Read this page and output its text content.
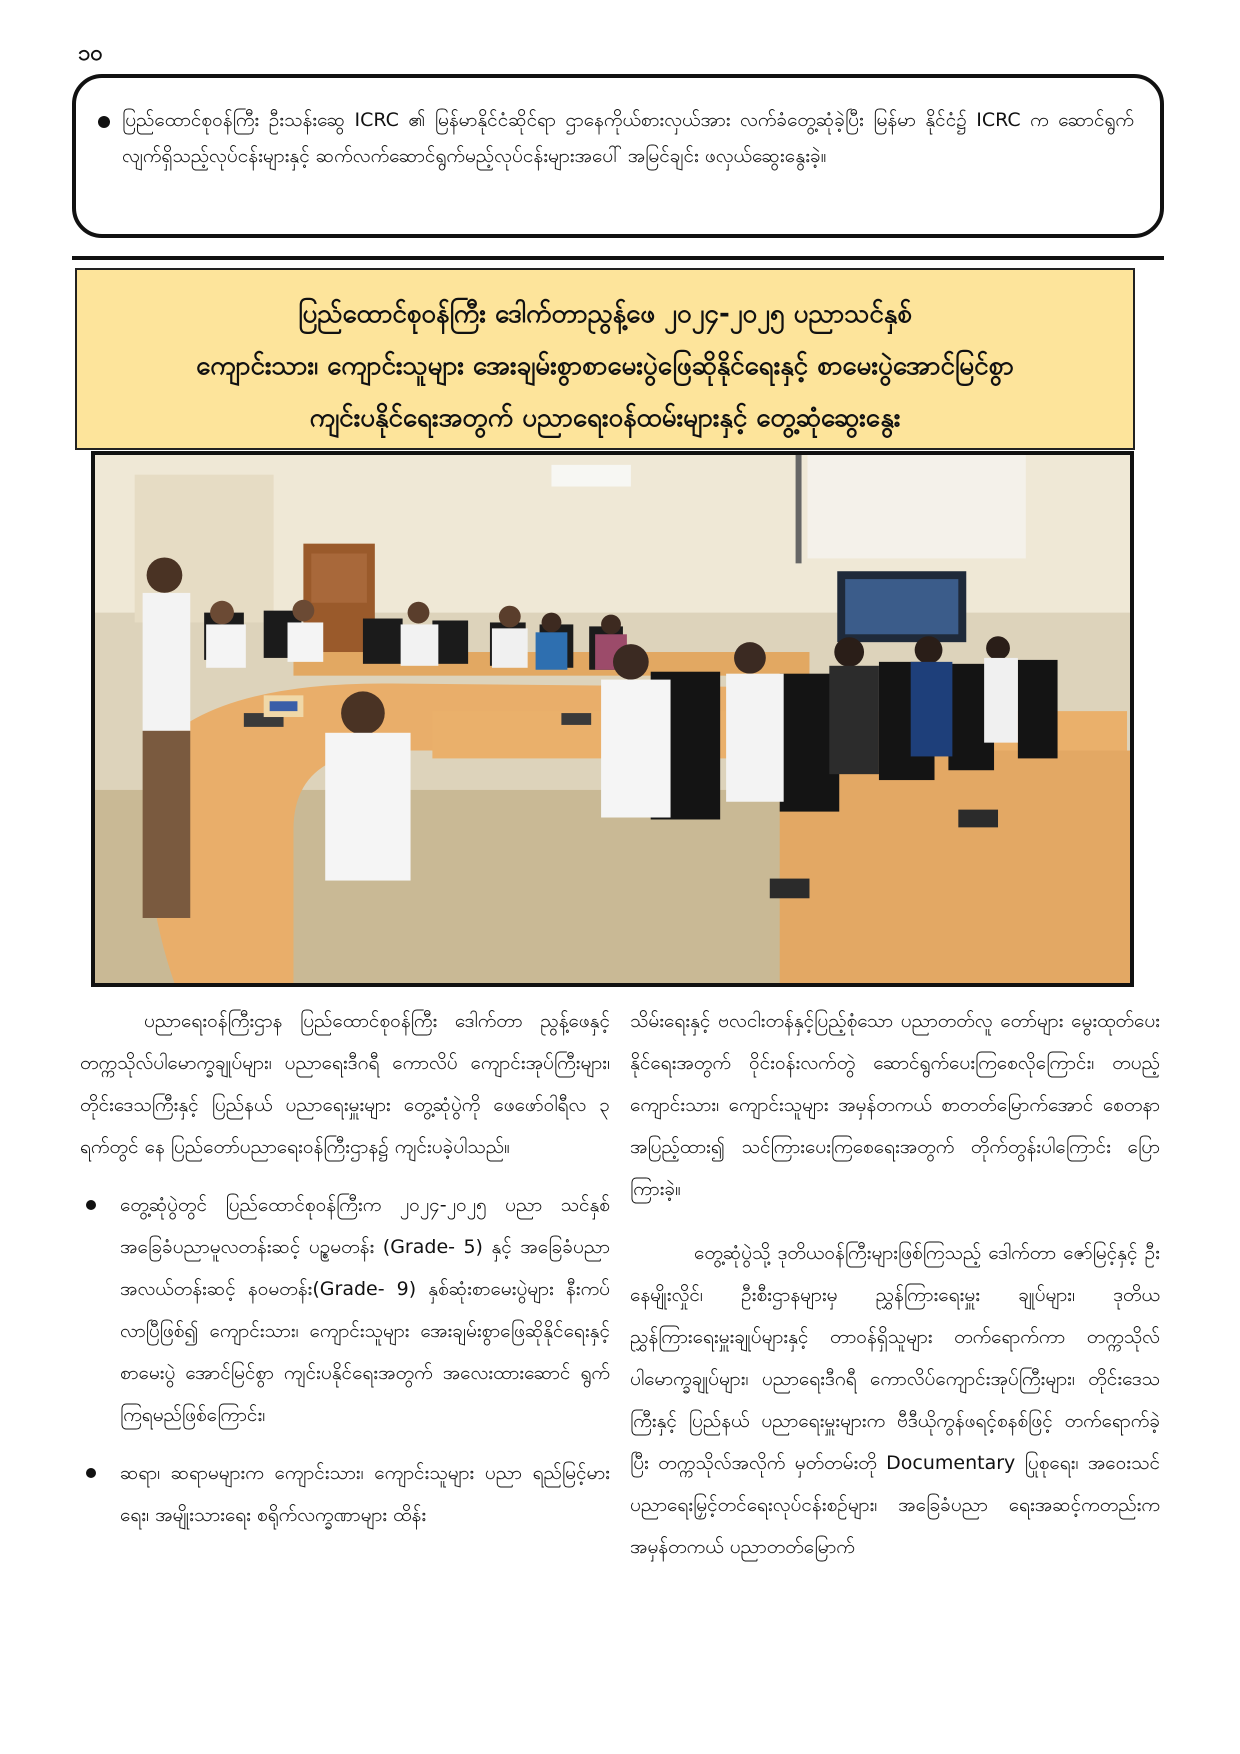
၁၀

ပြည်ထောင်စုဝန်ကြီး ဦးသန်းဆွေ ICRC ၏ မြန်မာနိုင်ငံဆိုင်ရာ ဌာနေကိုယ်စားလှယ်အား လက်ခံတွေ့ဆုံခဲ့ပြီး မြန်မာ နိုင်ငံ၌ ICRC က ဆောင်ရွက်လျက်ရှိသည့်လုပ်ငန်းများနှင့် ဆက်လက်ဆောင်ရွက်မည့်လုပ်ငန်းများအပေါ် အမြင်ချင်း ဖလှယ်ဆွေးနွေးခဲ့။

ပြည်ထောင်စုဝန်ကြီး ဒေါက်တာညွန့်ဖေ ၂၀၂၄-၂၀၂၅ ပညာသင်နှစ်
ကျောင်းသား၊ ကျောင်းသူများ အေးချမ်းစွာစာမေးပွဲဖြေဆိုနိုင်ရေးနှင့် စာမေးပွဲအောင်မြင်စွာ
ကျင်းပနိုင်ရေးအတွက် ပညာရေးဝန်ထမ်းများနှင့် တွေ့ဆုံဆွေးနွေး

ပညာရေးဝန်ကြီးဌာန ပြည်ထောင်စုဝန်ကြီး ဒေါက်တာ ညွန့်ဖေနှင့် တက္ကသိုလ်ပါမောက္ခချုပ်များ၊ ပညာရေးဒီဂရီ ကောလိပ် ကျောင်းအုပ်ကြီးများ၊ တိုင်းဒေသကြီးနှင့် ပြည်နယ် ပညာရေးမှူးများ တွေ့ဆုံပွဲကို ဖေဖော်ဝါရီလ ၃ ရက်တွင် နေ ပြည်တော်ပညာရေးဝန်ကြီးဌာန၌ ကျင်းပခဲ့ပါသည်။

တွေ့ဆုံပွဲတွင် ပြည်ထောင်စုဝန်ကြီးက ၂၀၂၄-၂၀၂၅ ပညာ သင်နှစ် အခြေခံပညာမူလတန်းဆင့် ပဉ္စမတန်း (Grade- 5) နှင့် အခြေခံပညာအလယ်တန်းဆင့် နဝမတန်း(Grade- 9) နှစ်ဆုံးစာမေးပွဲများ နီးကပ်လာပြီဖြစ်၍ ကျောင်းသား၊ ကျောင်းသူများ အေးချမ်းစွာဖြေဆိုနိုင်ရေးနှင့် စာမေးပွဲ အောင်မြင်စွာ ကျင်းပနိုင်ရေးအတွက် အလေးထားဆောင် ရွက်ကြရမည်ဖြစ်ကြောင်း၊

ဆရာ၊ ဆရာမများက ကျောင်းသား၊ ကျောင်းသူများ ပညာ ရည်မြင့်မားရေး၊ အမျိုးသားရေး စရိုက်လက္ခဏာများ ထိန်း

သိမ်းရေးနှင့် ဗလငါးတန်နှင့်ပြည့်စုံသော ပညာတတ်လူ တော်များ မွေးထုတ်ပေးနိုင်ရေးအတွက် ဝိုင်းဝန်းလက်တွဲ ဆောင်ရွက်ပေးကြစေလိုကြောင်း၊ တပည့်ကျောင်းသား၊ ကျောင်းသူများ အမှန်တကယ် စာတတ်မြောက်အောင် စေတနာအပြည့်ထား၍ သင်ကြားပေးကြစေရေးအတွက် တိုက်တွန်းပါကြောင်း ပြောကြားခဲ့။

တွေ့ဆုံပွဲသို့ ဒုတိယဝန်ကြီးများဖြစ်ကြသည့် ဒေါက်တာ ဇော်မြင့်နှင့် ဦးနေမျိုးလှိုင်၊ ဦးစီးဌာနများမှ ညွှန်ကြားရေးမှူး ချုပ်များ၊ ဒုတိယညွှန်ကြားရေးမှူးချုပ်များနှင့် တာဝန်ရှိသူများ တက်ရောက်ကာ တက္ကသိုလ်ပါမောက္ခချုပ်များ၊ ပညာရေးဒီဂရီ ကောလိပ်ကျောင်းအုပ်ကြီးများ၊ တိုင်းဒေသကြီးနှင့် ပြည်နယ် ပညာရေးမှူးများက ဗီဒီယိုကွန်ဖရင့်စနစ်ဖြင့် တက်ရောက်ခဲ့ ပြီး တက္ကသိုလ်အလိုက် မှတ်တမ်းတို Documentary ပြုစုရေး၊ အဝေးသင်ပညာရေးမြှင့်တင်ရေးလုပ်ငန်းစဉ်များ၊ အခြေခံပညာ ရေးအဆင့်ကတည်းက အမှန်တကယ် ပညာတတ်မြောက်
